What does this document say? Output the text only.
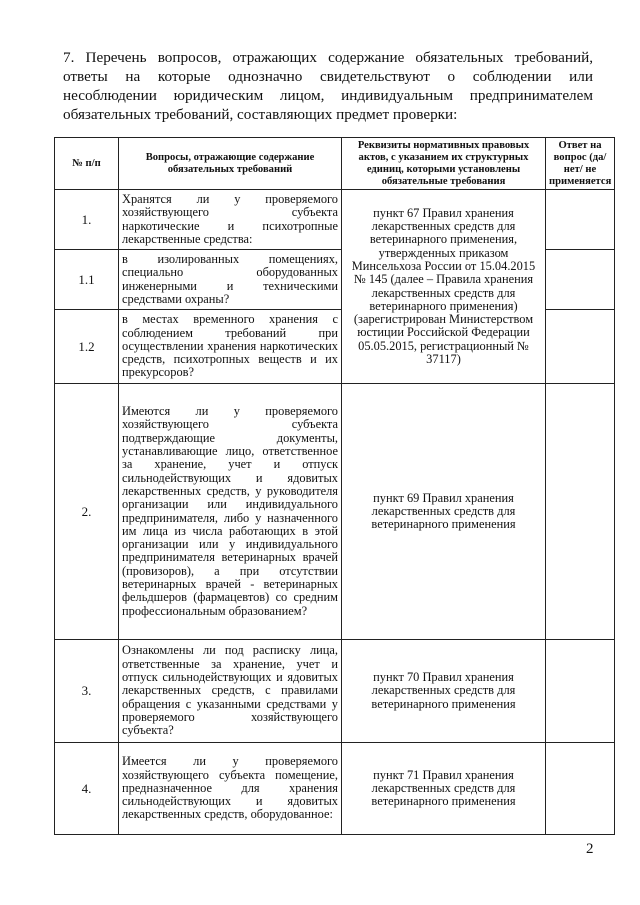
7. Перечень вопросов, отражающих содержание обязательных требований, ответы на которые однозначно свидетельствуют о соблюдении или несоблюдении юридическим лицом, индивидуальным предпринимателем обязательных требований, составляющих предмет проверки:
№ п/п	Вопросы, отражающие содержание обязательных требований	Реквизиты нормативных правовых актов, с указанием их структурных единиц, которыми установлены обязательные требования	Ответ на вопрос (да/нет/ не применяется
1.	Хранятся ли у проверяемого хозяйствующего субъекта наркотические и психотропные лекарственные средства:	пункт 67 Правил хранения лекарственных средств для ветеринарного применения, утвержденных приказом Минсельхоза России от 15.04.2015 № 145 (далее – Правила хранения лекарственных средств для ветеринарного применения) (зарегистрирован Министерством юстиции Российской Федерации 05.05.2015, регистрационный № 37117)	
1.1	в изолированных помещениях, специально оборудованных инженерными и техническими средствами охраны?		
1.2	в местах временного хранения с соблюдением требований при осуществлении хранения наркотических средств, психотропных веществ и их прекурсоров?		
2.	Имеются ли у проверяемого хозяйствующего субъекта подтверждающие документы, устанавливающие лицо, ответственное за хранение, учет и отпуск сильнодействующих и ядовитых лекарственных средств, у руководителя организации или индивидуального предпринимателя, либо у назначенного им лица из числа работающих в этой организации или у индивидуального предпринимателя ветеринарных врачей (провизоров), а при отсутствии ветеринарных врачей - ветеринарных фельдшеров (фармацевтов) со средним профессиональным образованием?	пункт 69 Правил хранения лекарственных средств для ветеринарного применения	
3.	Ознакомлены ли под расписку лица, ответственные за хранение, учет и отпуск сильнодействующих и ядовитых лекарственных средств, с правилами обращения с указанными средствами у проверяемого хозяйствующего субъекта?	пункт 70 Правил хранения лекарственных средств для ветеринарного применения	
4.	Имеется ли у проверяемого хозяйствующего субъекта помещение, предназначенное для хранения сильнодействующих и ядовитых лекарственных средств, оборудованное:	пункт 71 Правил хранения лекарственных средств для ветеринарного применения	
2
